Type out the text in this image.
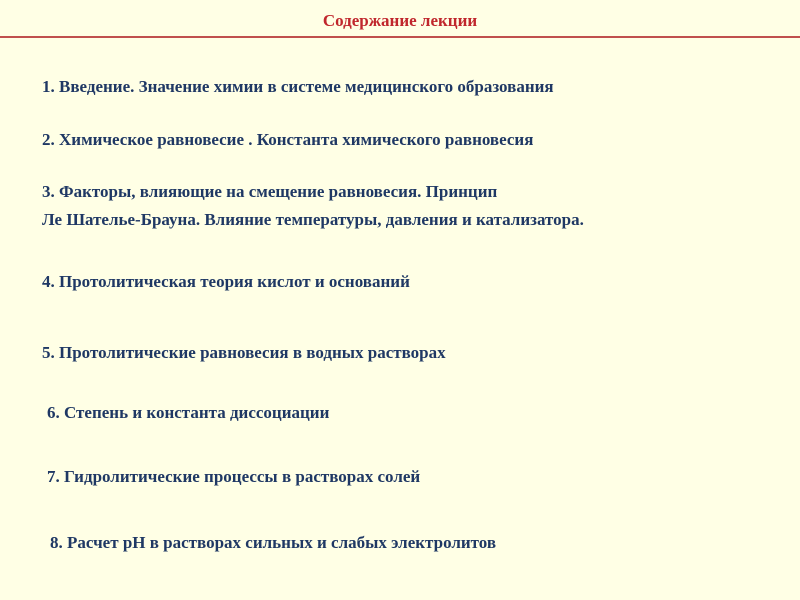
Содержание лекции

1. Введение. Значение химии в системе медицинского образования

2. Химическое равновесие . Константа химического равновесия

3. Факторы, влияющие на смещение равновесия. Принцип

Ле Шателье-Брауна. Влияние температуры, давления и катализатора.

4. Протолитическая теория кислот и оснований

5. Протолитические равновесия в водных растворах

6. Степень и константа диссоциации

7. Гидролитические процессы в растворах солей

8. Расчет рН в растворах сильных и слабых электролитов
